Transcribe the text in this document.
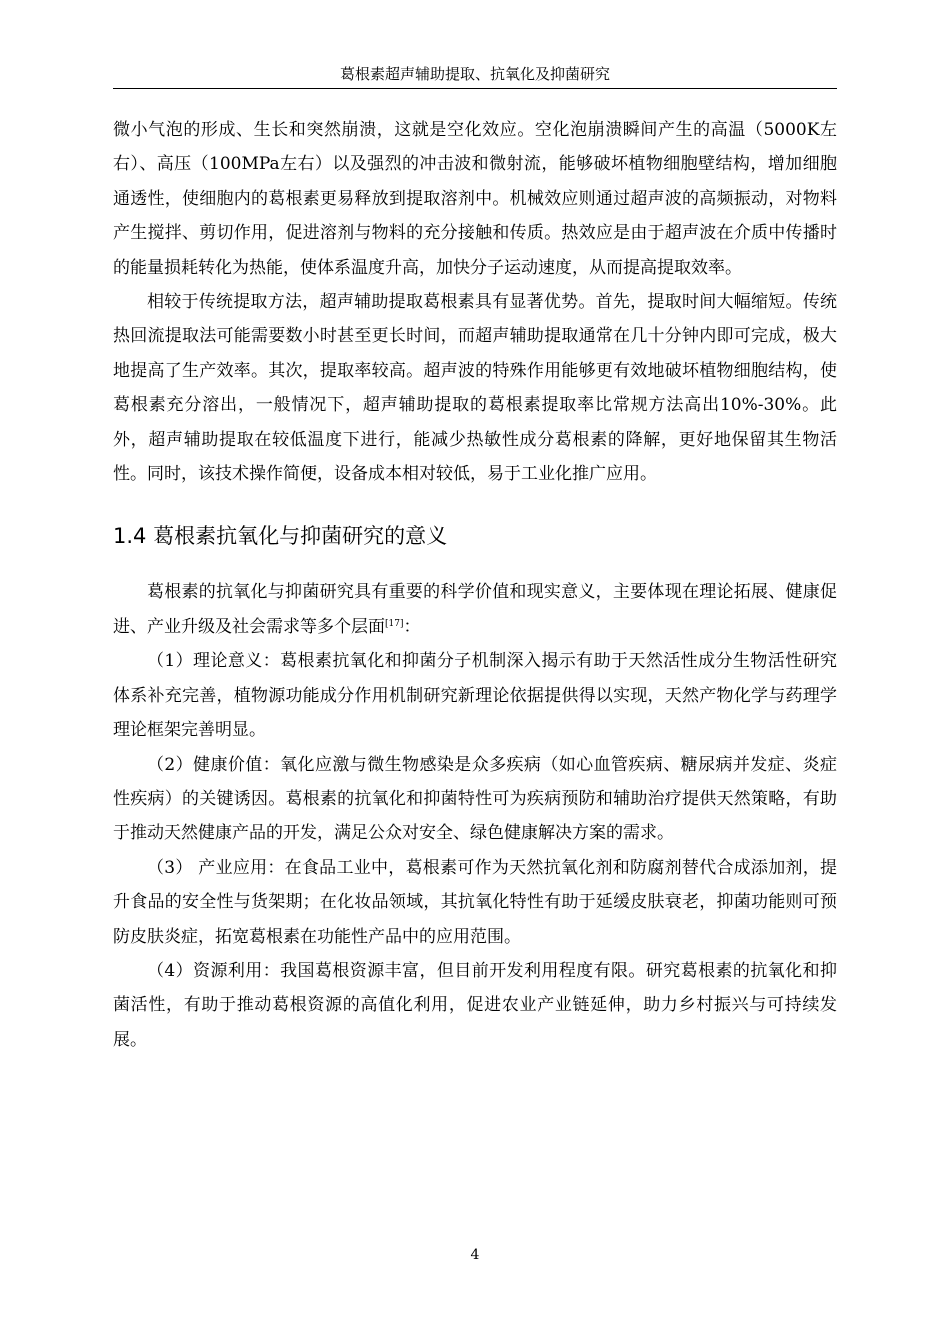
葛根素超声辅助提取、抗氧化及抑菌研究

微小气泡的形成、生长和突然崩溃，这就是空化效应。空化泡崩溃瞬间产生的高温（5000K左右）、高压（100MPa左右）以及强烈的冲击波和微射流，能够破坏植物细胞壁结构，增加细胞通透性，使细胞内的葛根素更易释放到提取溶剂中。机械效应则通过超声波的高频振动，对物料产生搅拌、剪切作用，促进溶剂与物料的充分接触和传质。热效应是由于超声波在介质中传播时的能量损耗转化为热能，使体系温度升高，加快分子运动速度，从而提高提取效率。

相较于传统提取方法，超声辅助提取葛根素具有显著优势。首先，提取时间大幅缩短。传统热回流提取法可能需要数小时甚至更长时间，而超声辅助提取通常在几十分钟内即可完成，极大地提高了生产效率。其次，提取率较高。超声波的特殊作用能够更有效地破坏植物细胞结构，使葛根素充分溶出，一般情况下，超声辅助提取的葛根素提取率比常规方法高出10%-30%。此外，超声辅助提取在较低温度下进行，能减少热敏性成分葛根素的降解，更好地保留其生物活性。同时，该技术操作简便，设备成本相对较低，易于工业化推广应用。

1.4 葛根素抗氧化与抑菌研究的意义

葛根素的抗氧化与抑菌研究具有重要的科学价值和现实意义，主要体现在理论拓展、健康促进、产业升级及社会需求等多个层面[17]：

（1）理论意义：葛根素抗氧化和抑菌分子机制深入揭示有助于天然活性成分生物活性研究体系补充完善，植物源功能成分作用机制研究新理论依据提供得以实现，天然产物化学与药理学理论框架完善明显。

（2）健康价值：氧化应激与微生物感染是众多疾病（如心血管疾病、糖尿病并发症、炎症性疾病）的关键诱因。葛根素的抗氧化和抑菌特性可为疾病预防和辅助治疗提供天然策略，有助于推动天然健康产品的开发，满足公众对安全、绿色健康解决方案的需求。

（3） 产业应用：在食品工业中，葛根素可作为天然抗氧化剂和防腐剂替代合成添加剂，提升食品的安全性与货架期；在化妆品领域，其抗氧化特性有助于延缓皮肤衰老，抑菌功能则可预防皮肤炎症，拓宽葛根素在功能性产品中的应用范围。

（4）资源利用：我国葛根资源丰富，但目前开发利用程度有限。研究葛根素的抗氧化和抑菌活性，有助于推动葛根资源的高值化利用，促进农业产业链延伸，助力乡村振兴与可持续发展。

4
